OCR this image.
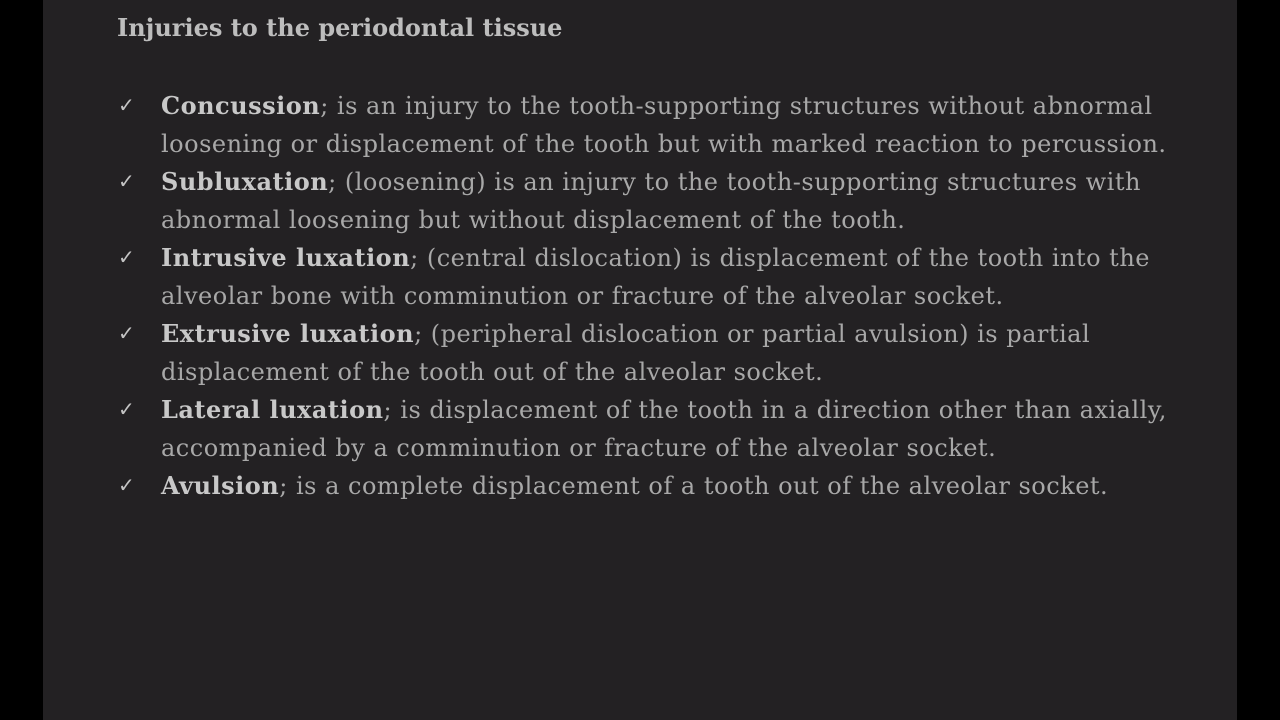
Injuries to the periodontal tissue
✓ Concussion; is an injury to the tooth-supporting structures without abnormal loosening or displacement of the tooth but with marked reaction to percussion.
✓ Subluxation; (loosening) is an injury to the tooth-supporting structures with abnormal loosening but without displacement of the tooth.
✓ Intrusive luxation; (central dislocation) is displacement of the tooth into the alveolar bone with comminution or fracture of the alveolar socket.
✓ Extrusive luxation; (peripheral dislocation or partial avulsion) is partial displacement of the tooth out of the alveolar socket.
✓ Lateral luxation; is displacement of the tooth in a direction other than axially, accompanied by a comminution or fracture of the alveolar socket.
✓ Avulsion; is a complete displacement of a tooth out of the alveolar socket.
